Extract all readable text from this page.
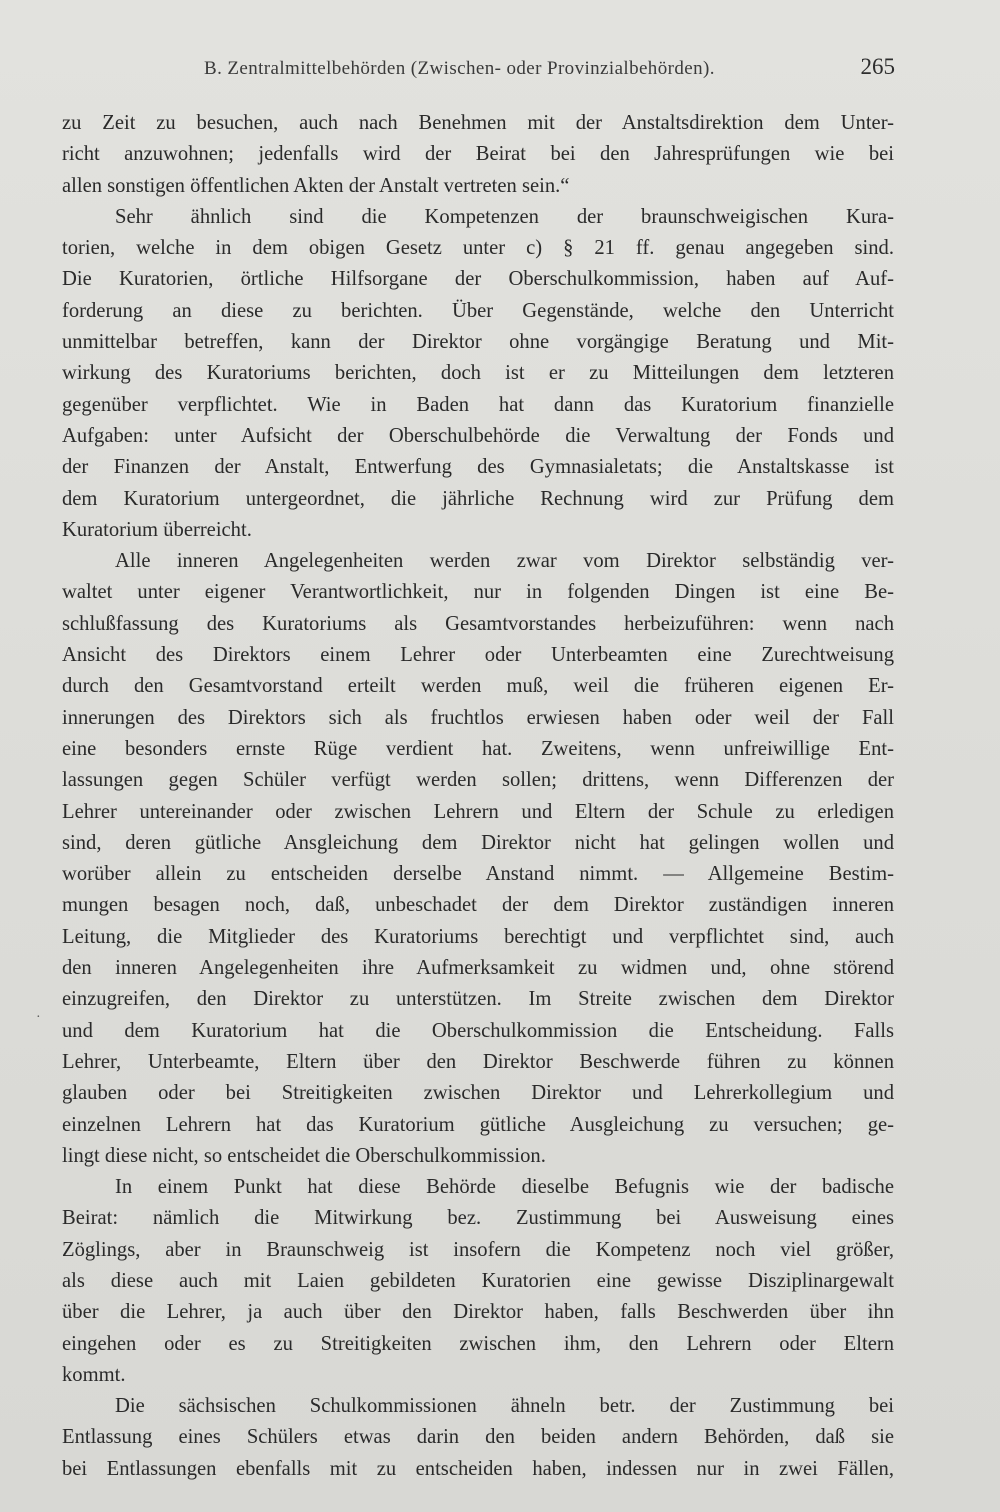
B. Zentralmittelbehörden (Zwischen- oder Provinzialbehörden).	265
·
zu Zeit zu besuchen, auch nach Benehmen mit der Anstaltsdirektion dem Unter-
richt anzuwohnen; jedenfalls wird der Beirat bei den Jahresprüfungen wie bei
allen sonstigen öffentlichen Akten der Anstalt vertreten sein.“
Sehr ähnlich sind die Kompetenzen der braunschweigischen Kura-
torien, welche in dem obigen Gesetz unter c) § 21 ff. genau angegeben sind.
Die Kuratorien, örtliche Hilfsorgane der Oberschulkommission, haben auf Auf-
forderung an diese zu berichten. Über Gegenstände, welche den Unterricht
unmittelbar betreffen, kann der Direktor ohne vorgängige Beratung und Mit-
wirkung des Kuratoriums berichten, doch ist er zu Mitteilungen dem letzteren
gegenüber verpflichtet. Wie in Baden hat dann das Kuratorium finanzielle
Aufgaben: unter Aufsicht der Oberschulbehörde die Verwaltung der Fonds und
der Finanzen der Anstalt, Entwerfung des Gymnasialetats; die Anstaltskasse ist
dem Kuratorium untergeordnet, die jährliche Rechnung wird zur Prüfung dem
Kuratorium überreicht.
Alle inneren Angelegenheiten werden zwar vom Direktor selbständig ver-
waltet unter eigener Verantwortlichkeit, nur in folgenden Dingen ist eine Be-
schlußfassung des Kuratoriums als Gesamtvorstandes herbeizuführen: wenn nach
Ansicht des Direktors einem Lehrer oder Unterbeamten eine Zurechtweisung
durch den Gesamtvorstand erteilt werden muß, weil die früheren eigenen Er-
innerungen des Direktors sich als fruchtlos erwiesen haben oder weil der Fall
eine besonders ernste Rüge verdient hat. Zweitens, wenn unfreiwillige Ent-
lassungen gegen Schüler verfügt werden sollen; drittens, wenn Differenzen der
Lehrer untereinander oder zwischen Lehrern und Eltern der Schule zu erledigen
sind, deren gütliche Ansgleichung dem Direktor nicht hat gelingen wollen und
worüber allein zu entscheiden derselbe Anstand nimmt. — Allgemeine Bestim-
mungen besagen noch, daß, unbeschadet der dem Direktor zuständigen inneren
Leitung, die Mitglieder des Kuratoriums berechtigt und verpflichtet sind, auch
den inneren Angelegenheiten ihre Aufmerksamkeit zu widmen und, ohne störend
einzugreifen, den Direktor zu unterstützen. Im Streite zwischen dem Direktor
und dem Kuratorium hat die Oberschulkommission die Entscheidung. Falls
Lehrer, Unterbeamte, Eltern über den Direktor Beschwerde führen zu können
glauben oder bei Streitigkeiten zwischen Direktor und Lehrerkollegium und
einzelnen Lehrern hat das Kuratorium gütliche Ausgleichung zu versuchen; ge-
lingt diese nicht, so entscheidet die Oberschulkommission.
In einem Punkt hat diese Behörde dieselbe Befugnis wie der badische
Beirat: nämlich die Mitwirkung bez. Zustimmung bei Ausweisung eines
Zöglings, aber in Braunschweig ist insofern die Kompetenz noch viel größer,
als diese auch mit Laien gebildeten Kuratorien eine gewisse Disziplinargewalt
über die Lehrer, ja auch über den Direktor haben, falls Beschwerden über ihn
eingehen oder es zu Streitigkeiten zwischen ihm, den Lehrern oder Eltern
kommt.
Die sächsischen Schulkommissionen ähneln betr. der Zustimmung bei
Entlassung eines Schülers etwas darin den beiden andern Behörden, daß sie
bei Entlassungen ebenfalls mit zu entscheiden haben, indessen nur in zwei Fällen,
